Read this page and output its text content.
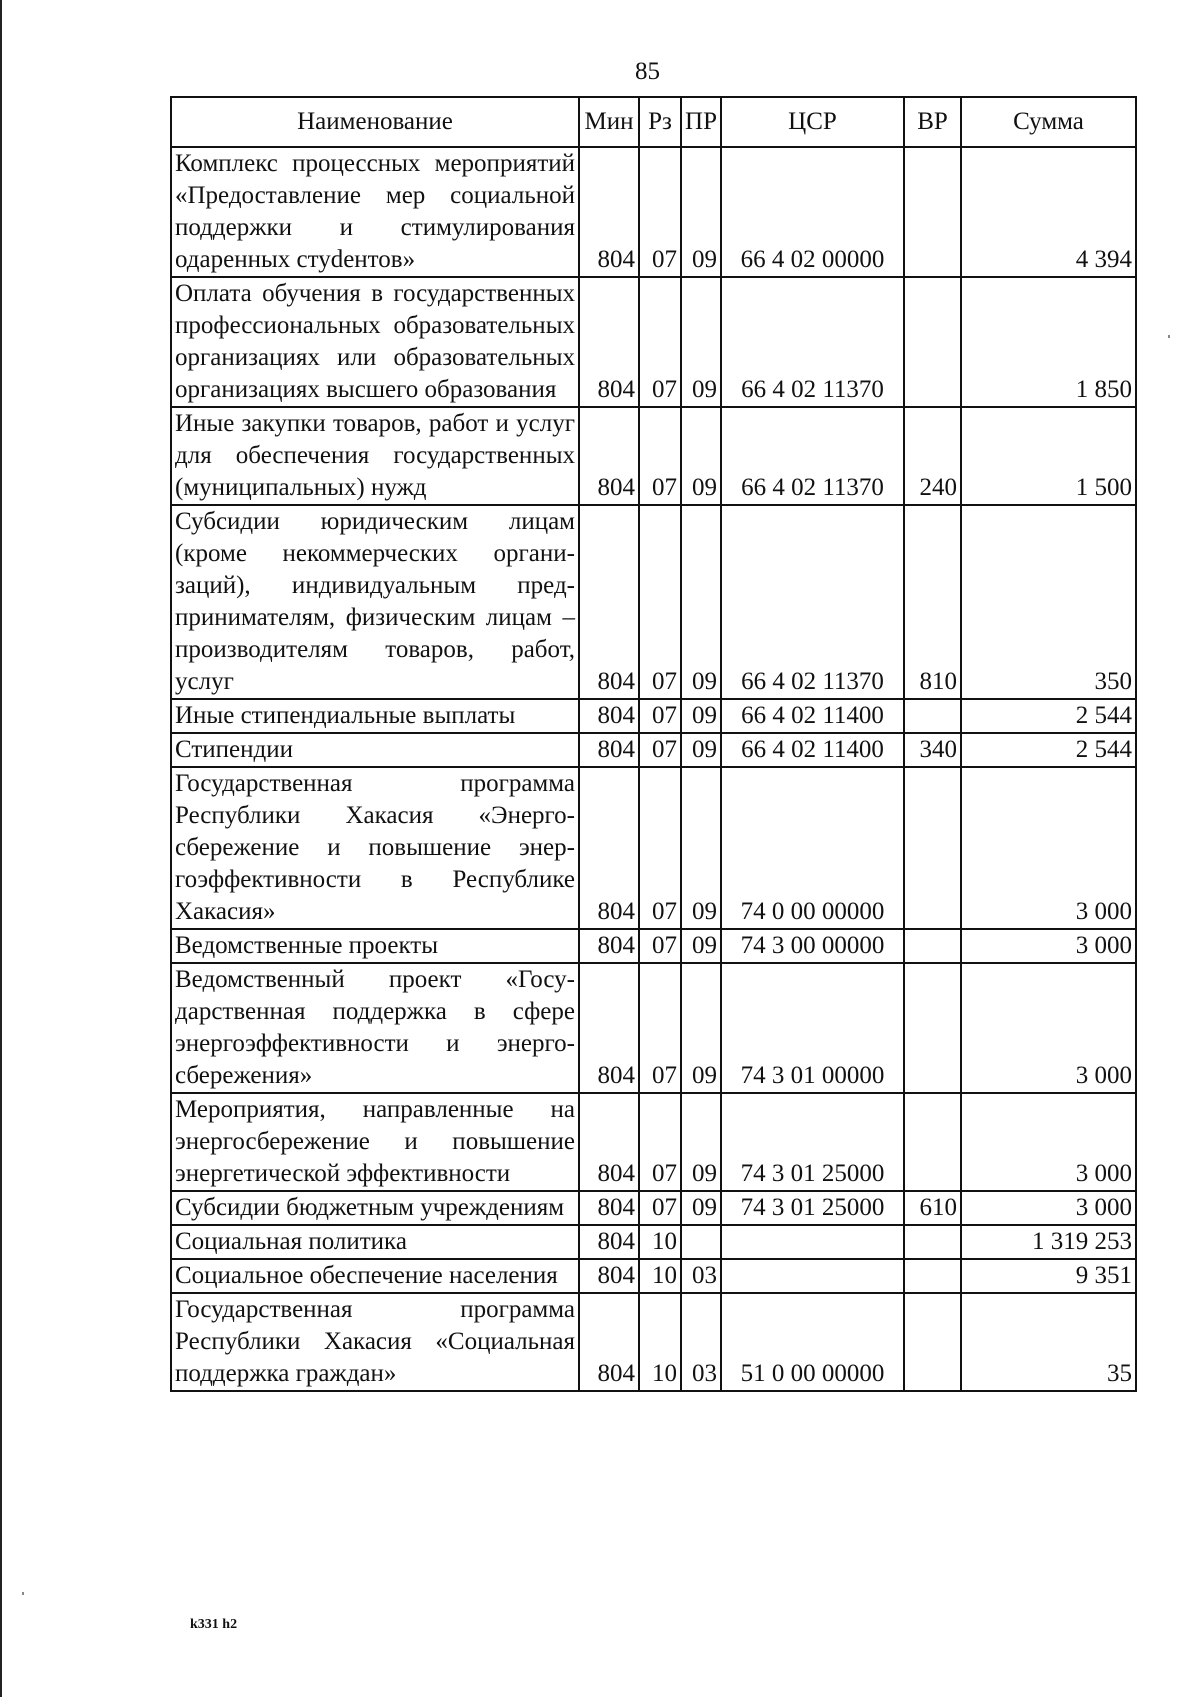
85
Наименование	Мин	Рз	ПР	ЦСР	ВР	Сумма
Комплекс процессных мероприятий «Предоставление мер социальной поддержки и стимулирования одаренных стуdентов»	804	07	09	66 4 02 00000		4 394
Оплата обучения в государственных профессиональных образовательных организациях или образовательных организациях высшего образования	804	07	09	66 4 02 11370		1 850
Иные закупки товаров, работ и услуг для обеспечения государственных (муниципальных) нужд	804	07	09	66 4 02 11370	240	1 500
Субсидии юридическим лицам (кроме некоммерческих организаций), индивидуальным предпринимателям, физическим лицам – производителям товаров, работ, услуг	804	07	09	66 4 02 11370	810	350
Иные стипендиальные выплаты	804	07	09	66 4 02 11400		2 544
Стипендии	804	07	09	66 4 02 11400	340	2 544
Государственная программа Республики Хакасия «Энергосбережение и повышение энергоэффективности в Республике Хакасия»	804	07	09	74 0 00 00000		3 000
Ведомственные проекты	804	07	09	74 3 00 00000		3 000
Ведомственный проект «Государственная поддержка в сфере энергоэффективности и энергосбережения»	804	07	09	74 3 01 00000		3 000
Мероприятия, направленные на энергосбережение и повышение энергетической эффективности	804	07	09	74 3 01 25000		3 000
Субсидии бюджетным учреждениям	804	07	09	74 3 01 25000	610	3 000
Социальная политика	804	10				1 319 253
Социальное обеспечение населения	804	10	03			9 351
Государственная программа Республики Хакасия «Социальная поддержка граждан»	804	10	03	51 0 00 00000		35
k331 h2
